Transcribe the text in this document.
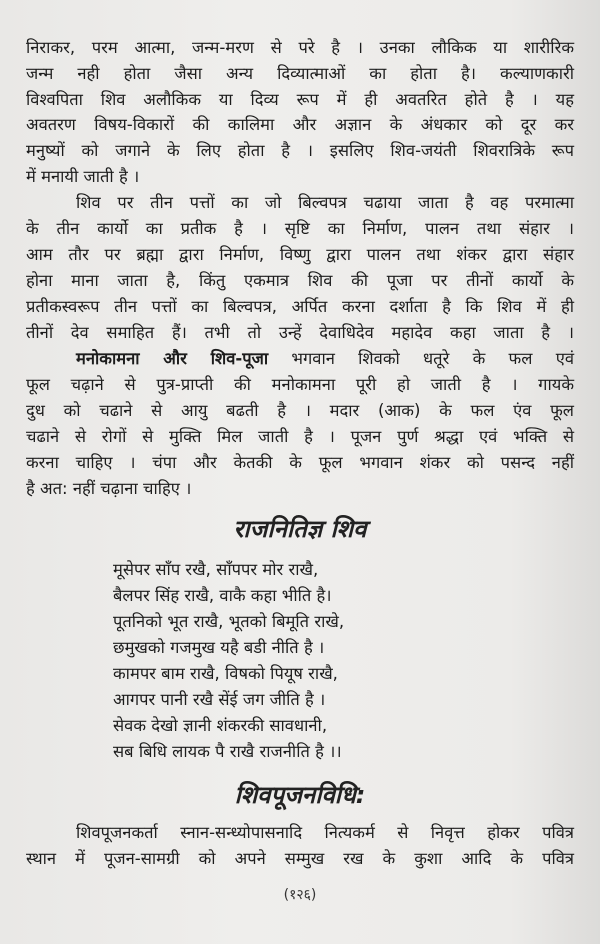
निराकर, परम आत्मा, जन्म-मरण से परे है । उनका लौकिक या शारीरिक
जन्म नही होता जैसा अन्य दिव्यात्माओं का होता है। कल्याणकारी
विश्वपिता शिव अलौकिक या दिव्य रूप में ही अवतरित होते है । यह
अवतरण विषय-विकारों की कालिमा और अज्ञान के अंधकार को दूर कर
मनुष्यों को जगाने के लिए होता है । इसलिए शिव-जयंती शिवरात्रिके रूप
में मनायी जाती है ।
शिव पर तीन पत्तों का जो बिल्वपत्र चढाया जाता है वह परमात्मा
के तीन कार्यो का प्रतीक है । सृष्टि का निर्माण, पालन तथा संहार ।
आम तौर पर ब्रह्मा द्वारा निर्माण, विष्णु द्वारा पालन तथा शंकर द्वारा संहार
होना माना जाता है, किंतु एकमात्र शिव की पूजा पर तीनों कार्यो के
प्रतीकस्वरूप तीन पत्तों का बिल्वपत्र, अर्पित करना दर्शाता है कि शिव में ही
तीनों देव समाहित हैं। तभी तो उन्हें देवाधिदेव महादेव कहा जाता है ।
मनोकामना और शिव-पूजा भगवान शिवको धतूरे के फल एवं
फूल चढ़ाने से पुत्र-प्राप्ती की मनोकामना पूरी हो जाती है । गायके
दुध को चढाने से आयु बढती है । मदार (आक) के फल एंव फूल
चढाने से रोगों से मुक्ति मिल जाती है । पूजन पुर्ण श्रद्धा एवं भक्ति से
करना चाहिए । चंपा और केतकी के फूल भगवान शंकर को पसन्द नहीं
है अत: नहीं चढ़ाना चाहिए ।
राजनितिज्ञ शिव
मूसेपर साँप रखै, साँपपर मोर राखै,
बैलपर सिंह राखै, वाकै कहा भीति है।
पूतनिको भूत राखै, भूतको बिमूति राखे,
छमुखको गजमुख यहै बडी नीति है ।
कामपर बाम राखै, विषको पियूष राखै,
आगपर पानी रखै सेंई जग जीति है ।
सेवक देखो ज्ञानी शंकरकी सावधानी,
सब बिधि लायक पै राखै राजनीति है ।।
शिवपूजनविधि:
शिवपूजनकर्ता स्नान-सन्ध्योपासनादि नित्यकर्म से निवृत्त होकर पवित्र
स्थान में पूजन-सामग्री को अपने सम्मुख रख के कुशा आदि के पवित्र
(१२६)
